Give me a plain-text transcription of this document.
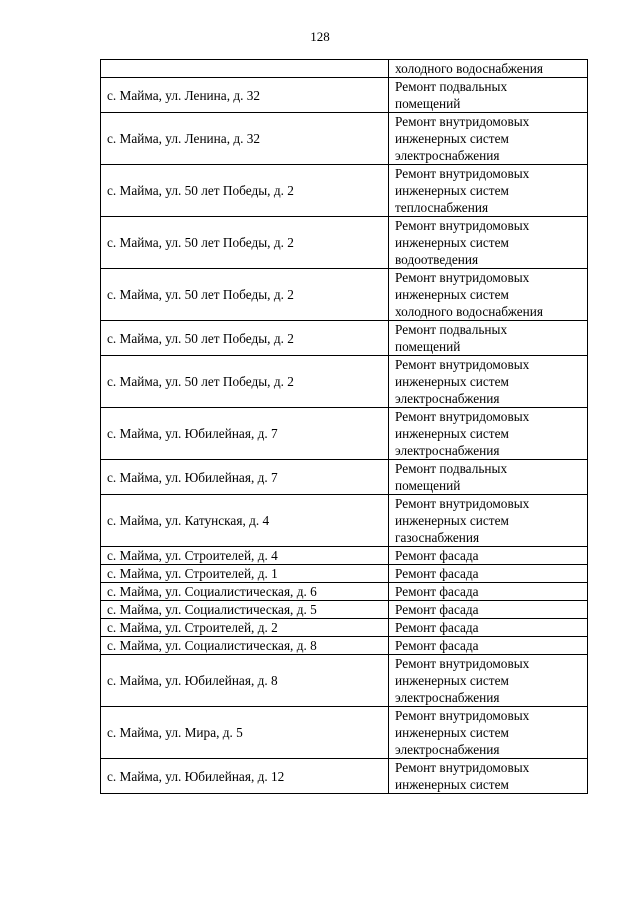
128

	холодного водоснабжения

с. Майма, ул. Ленина, д. 32	Ремонт подвальных
помещений

с. Майма, ул. Ленина, д. 32	Ремонт внутридомовых
инженерных систем
электроснабжения

с. Майма, ул. 50 лет Победы, д. 2	Ремонт внутридомовых
инженерных систем
теплоснабжения

с. Майма, ул. 50 лет Победы, д. 2	Ремонт внутридомовых
инженерных систем
водоотведения

с. Майма, ул. 50 лет Победы, д. 2	Ремонт внутридомовых
инженерных систем
холодного водоснабжения

с. Майма, ул. 50 лет Победы, д. 2	Ремонт подвальных
помещений

с. Майма, ул. 50 лет Победы, д. 2	Ремонт внутридомовых
инженерных систем
электроснабжения

с. Майма, ул. Юбилейная, д. 7	Ремонт внутридомовых
инженерных систем
электроснабжения

с. Майма, ул. Юбилейная, д. 7	Ремонт подвальных
помещений

с. Майма, ул. Катунская, д. 4	Ремонт внутридомовых
инженерных систем
газоснабжения

с. Майма, ул. Строителей, д. 4	Ремонт фасада

с. Майма, ул. Строителей, д. 1	Ремонт фасада

с. Майма, ул. Социалистическая, д. 6	Ремонт фасада

с. Майма, ул. Социалистическая, д. 5	Ремонт фасада

с. Майма, ул. Строителей, д. 2	Ремонт фасада

с. Майма, ул. Социалистическая, д. 8	Ремонт фасада

с. Майма, ул. Юбилейная, д. 8	Ремонт внутридомовых
инженерных систем
электроснабжения

с. Майма, ул. Мира, д. 5	Ремонт внутридомовых
инженерных систем
электроснабжения

с. Майма, ул. Юбилейная, д. 12	Ремонт внутридомовых
инженерных систем
